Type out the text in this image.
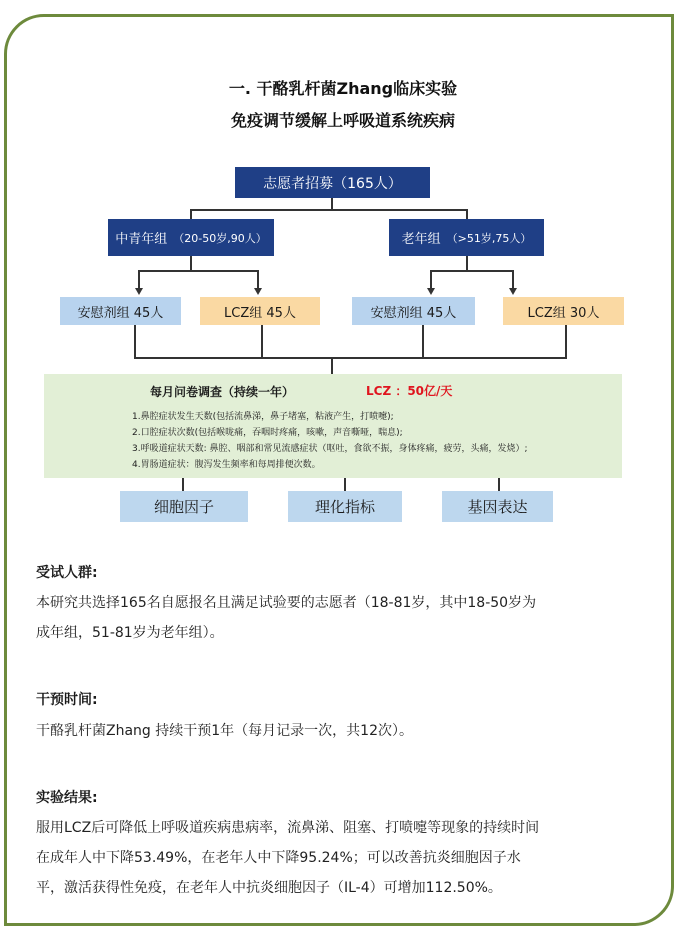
一. 干酪乳杆菌Zhang临床实验
免疫调节缓解上呼吸道系统疾病
志愿者招募（165人）
中青年组 （20-50岁,90人）	老年组 （>51岁,75人）
安慰剂组 45人	LCZ组 45人	安慰剂组 45人	LCZ组 30人
每月问卷调查（持续一年）	LCZ ：50亿/天
1.鼻腔症状发生天数(包括流鼻涕，鼻子堵塞，粘液产生，打喷嚏);
2.口腔症状次数(包括喉咙痛，吞咽时疼痛，咳嗽，声音嘶哑，喘息);
3.呼吸道症状天数: 鼻腔、咽部和常见流感症状（呕吐，食欲不振，身体疼痛，疲劳，头痛，发烧）;
4.胃肠道症状：腹泻发生频率和每周排便次数。
细胞因子	理化指标	基因表达
受试人群:
本研究共选择165名自愿报名且满足试验要的志愿者（18-81岁，其中18-50岁为
成年组，51-81岁为老年组）。
干预时间:
干酪乳杆菌Zhang 持续干预1年（每月记录一次，共12次）。
实验结果:
服用LCZ后可降低上呼吸道疾病患病率，流鼻涕、阻塞、打喷嚏等现象的持续时间
在成年人中下降53.49%，在老年人中下降95.24%；可以改善抗炎细胞因子水
平，激活获得性免疫，在老年人中抗炎细胞因子（IL-4）可增加112.50%。
